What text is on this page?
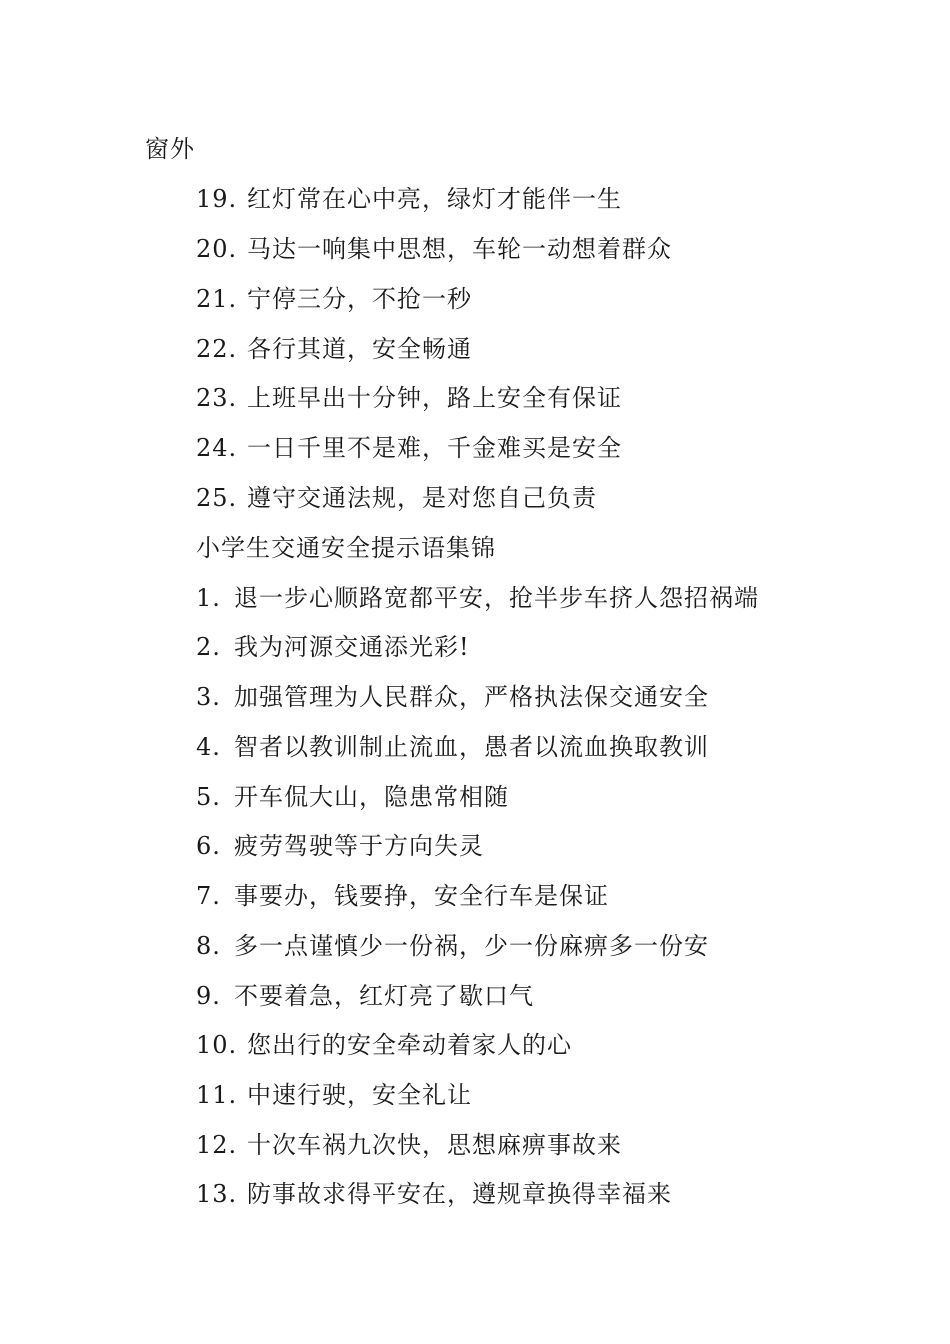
窗外
19. 红灯常在心中亮，绿灯才能伴一生
20. 马达一响集中思想，车轮一动想着群众
21. 宁停三分，不抢一秒
22. 各行其道，安全畅通
23. 上班早出十分钟，路上安全有保证
24. 一日千里不是难，千金难买是安全
25. 遵守交通法规，是对您自己负责
小学生交通安全提示语集锦
1. 退一步心顺路宽都平安，抢半步车挤人怨招祸端
2. 我为河源交通添光彩!
3. 加强管理为人民群众，严格执法保交通安全
4. 智者以教训制止流血，愚者以流血换取教训
5. 开车侃大山，隐患常相随
6. 疲劳驾驶等于方向失灵
7. 事要办，钱要挣，安全行车是保证
8. 多一点谨慎少一份祸，少一份麻痹多一份安
9. 不要着急，红灯亮了歇口气
10. 您出行的安全牵动着家人的心
11. 中速行驶，安全礼让
12. 十次车祸九次快，思想麻痹事故来
13. 防事故求得平安在，遵规章换得幸福来
